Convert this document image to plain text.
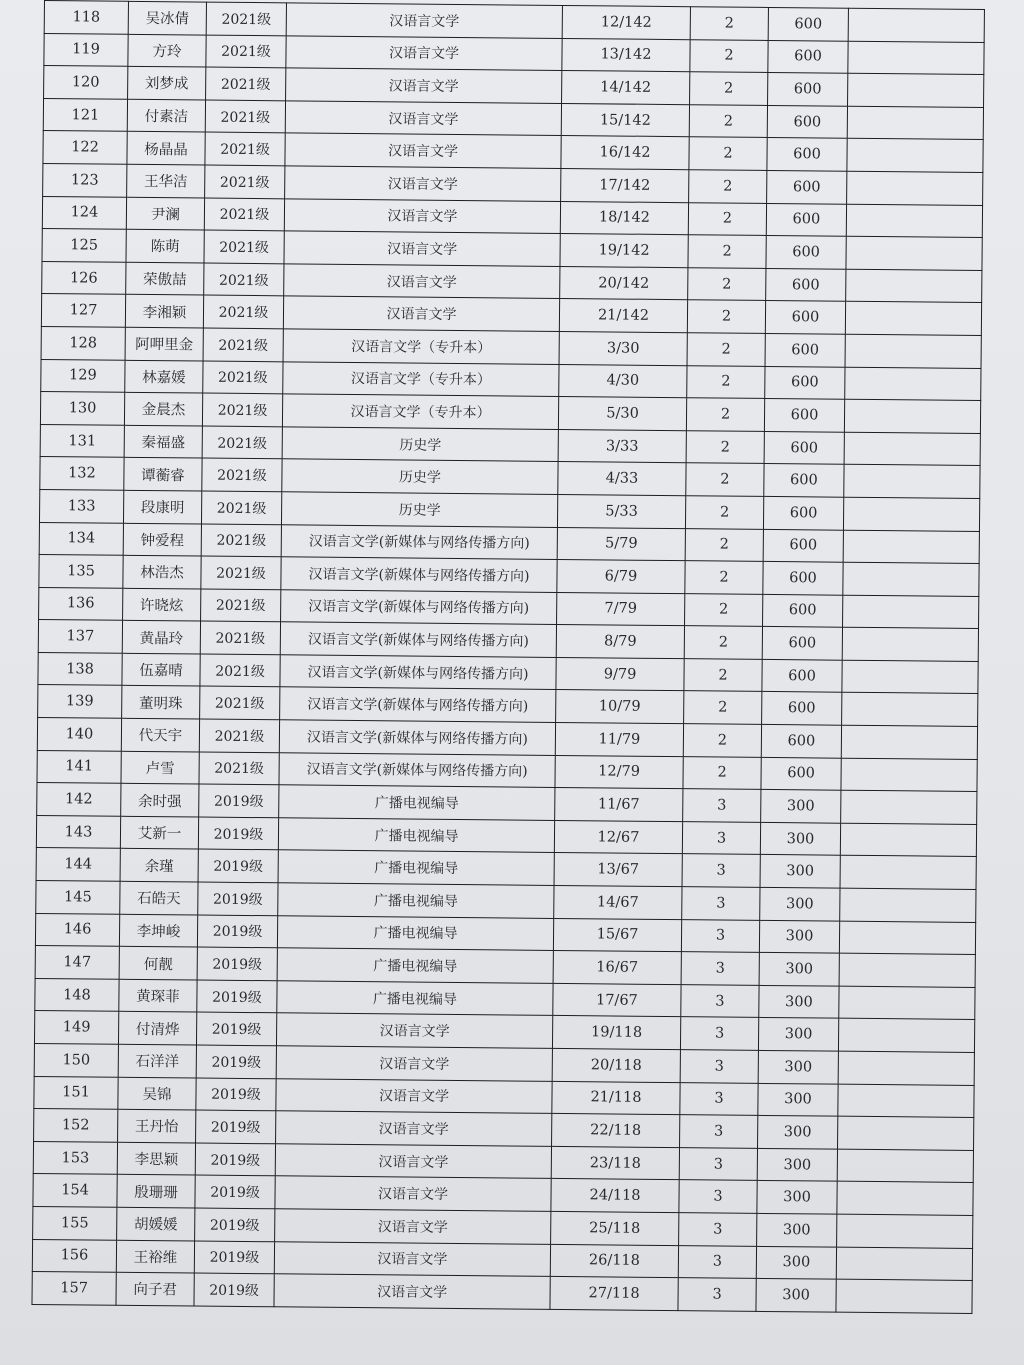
118	吴冰倩	2021级	汉语言文学	12/142	2	600	
119	方玲	2021级	汉语言文学	13/142	2	600	
120	刘梦成	2021级	汉语言文学	14/142	2	600	
121	付素洁	2021级	汉语言文学	15/142	2	600	
122	杨晶晶	2021级	汉语言文学	16/142	2	600	
123	王华洁	2021级	汉语言文学	17/142	2	600	
124	尹澜	2021级	汉语言文学	18/142	2	600	
125	陈萌	2021级	汉语言文学	19/142	2	600	
126	荣傲喆	2021级	汉语言文学	20/142	2	600	
127	李湘颖	2021级	汉语言文学	21/142	2	600	
128	阿呷里金	2021级	汉语言文学（专升本）	3/30	2	600	
129	林嘉媛	2021级	汉语言文学（专升本）	4/30	2	600	
130	金晨杰	2021级	汉语言文学（专升本）	5/30	2	600	
131	秦福盛	2021级	历史学	3/33	2	600	
132	谭蘅睿	2021级	历史学	4/33	2	600	
133	段康明	2021级	历史学	5/33	2	600	
134	钟爱程	2021级	汉语言文学(新媒体与网络传播方向)	5/79	2	600	
135	林浩杰	2021级	汉语言文学(新媒体与网络传播方向)	6/79	2	600	
136	许晓炫	2021级	汉语言文学(新媒体与网络传播方向)	7/79	2	600	
137	黄晶玲	2021级	汉语言文学(新媒体与网络传播方向)	8/79	2	600	
138	伍嘉晴	2021级	汉语言文学(新媒体与网络传播方向)	9/79	2	600	
139	董明珠	2021级	汉语言文学(新媒体与网络传播方向)	10/79	2	600	
140	代天宇	2021级	汉语言文学(新媒体与网络传播方向)	11/79	2	600	
141	卢雪	2021级	汉语言文学(新媒体与网络传播方向)	12/79	2	600	
142	余时强	2019级	广播电视编导	11/67	3	300	
143	艾新一	2019级	广播电视编导	12/67	3	300	
144	余瑾	2019级	广播电视编导	13/67	3	300	
145	石皓天	2019级	广播电视编导	14/67	3	300	
146	李坤峻	2019级	广播电视编导	15/67	3	300	
147	何靓	2019级	广播电视编导	16/67	3	300	
148	黄琛菲	2019级	广播电视编导	17/67	3	300	
149	付清烨	2019级	汉语言文学	19/118	3	300	
150	石洋洋	2019级	汉语言文学	20/118	3	300	
151	吴锦	2019级	汉语言文学	21/118	3	300	
152	王丹怡	2019级	汉语言文学	22/118	3	300	
153	李思颖	2019级	汉语言文学	23/118	3	300	
154	殷珊珊	2019级	汉语言文学	24/118	3	300	
155	胡媛媛	2019级	汉语言文学	25/118	3	300	
156	王裕维	2019级	汉语言文学	26/118	3	300	
157	向子君	2019级	汉语言文学	27/118	3	300	
